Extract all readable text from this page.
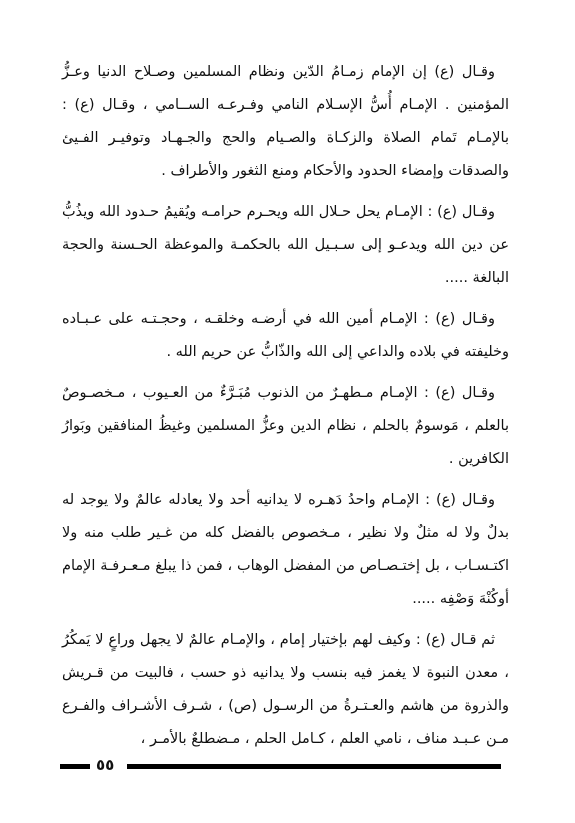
وقـال (ع) إن الإمام زمـامُ الدّين ونظام المسلمين وصـلاح الدنيا وعـزُّ المؤمنين . الإمـام أُسُّ الإسـلام النامي وفـرعـه الســامي ، وقـال (ع) : بالإمـام تَمام الصلاة والزكـاة والصـيام والحج والجـهـاد وتوفيـر الفـيئ والصدقات وإمضاء الحدود والأحكام ومنع الثغور والأطراف .

وقـال (ع) : الإمـام يحل حـلال الله ويحـرم حرامـه ويُقيمُ حـدود الله ويذُبُّ عن دين الله ويدعـو إلى سـبـيل الله بالحكمـة والموعظة الحـسنة والحجة البالغة .....

وقـال (ع) : الإمـام أمين الله في أرضـه وخلقـه ، وحجـتـه على عـبـاده وخليفته في بلاده والداعي إلى الله والذّابُّ عن حريم الله .

وقـال (ع) : الإمـام مـطهـرٌ من الذنوب مُبَـرَّءٌ من العـيوب ، مـخصـوصٌ بالعلم ، مَوسومٌ بالحلم ، نظام الدين وعزُّ المسلمين وغيظُ المنافقين وبَوارُ الكافرين .

وقـال (ع) : الإمـام واحدُ دَهـره لا يدانيه أحد ولا يعادله عالمٌ ولا يوجد له بدلٌ ولا له مثلٌ ولا نظير ، مـخصوص بالفضل كله من غـير طلب منه ولا اكتـسـاب ، بل إختـصـاص من المفضل الوهاب ، فمن ذا يبلغ مـعـرفـة الإمام أوكُنْهَ وَصْفِه .....

ثم قـال (ع) : وكيف لهم بإختيار إمام ، والإمـام عالمٌ لا يجهل وراعٍ لا يَمكُرُ ، معدن النبوة لا يغمز فيه بنسب ولا يدانيه ذو حسب ، فالبيت من قـريش والذروة من هاشم والعـتـرةُ من الرسـول (ص) ، شـرف الأشـراف والفـرع مـن عـبـد مناف ، نامي العلم ، كـامل الحلم ، مـضطلعٌ بالأمـر ،

٥٥
